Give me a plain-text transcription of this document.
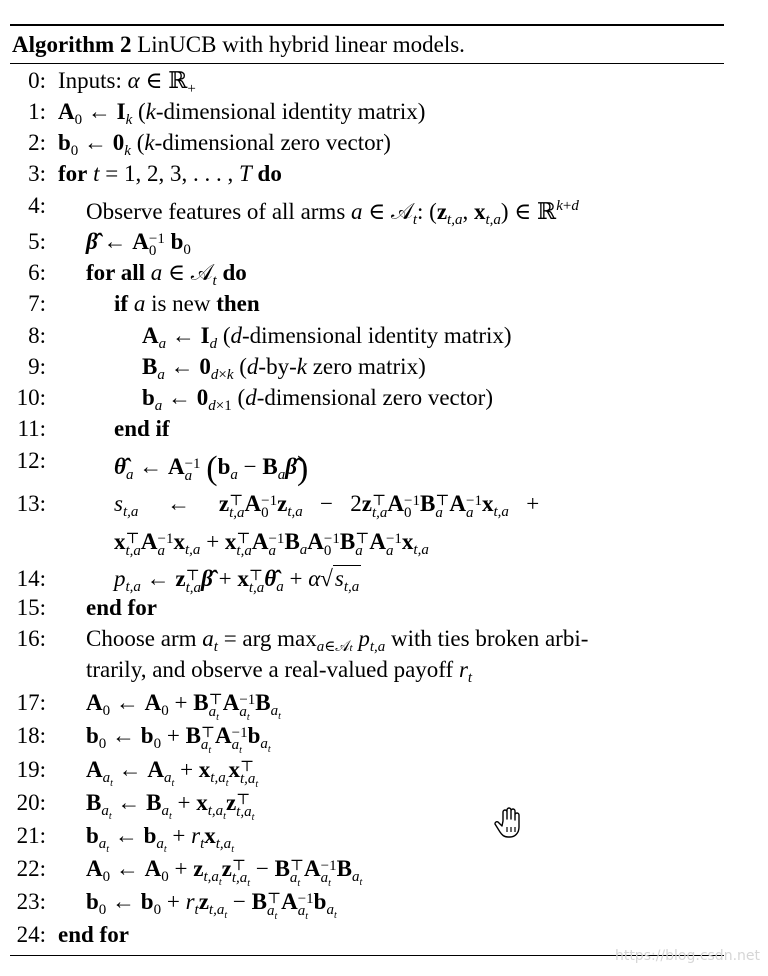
Algorithm 2 LinUCB with hybrid linear models.
0:
1:
2:
3:
4:
5:
6:
7:
8:
9:
10:
11:
12:
13:
14:
15:
16:
17:
18:
19:
20:
21:
22:
23:
24:
Inputs: α ∈ ℝ$_+$
$A_0$ ← $I_k$ (k-dimensional identity matrix)
$b_0$ ← $0_k$ (k-dimensional zero vector)
for t = 1, 2, 3, . . . , T do
Observe features of all arms a ∈ 𝒜$_t$: ($z_{t,a}$, $x_{t,a}$) ∈ ℝ$^{k+d}$
β̂ ← A −1
0 $b_0$
for all a ∈ 𝒜$_t$ do
if a is new then
$A_a$ ← $I_d$ (d-dimensional identity matrix)
$B_a$ ← $0_{d\times k}$ (d-by-k zero matrix)
$b_a$ ← $0_{d\times 1}$ (d-dimensional zero vector)
end if
$\thetâ_a$ ← A −1
a ($b_a$ − $B_a\betâ$)
$s_{t,a}$     ←     z ⊤
t,a A −1
0 $z_{t,a} - 2z$ ⊤
t,a A −1
0 B ⊤
a A −1
a $x_{t,a}$   +
x ⊤
t,a A −1
a $x_{t,a} + x$ ⊤
t,a A −1
a $B_aA -1$
0 B ⊤
a A −1
a $x_{t,a}$
$p_{t,a}$ ← z ⊤
t,a β̂ + x ⊤
t,a $\thetâ_a + \alpha√s_{t,a}$
end for
Choose arm $a_t$ = arg $\max_{a\in 𝒜t} p_{t,a}$ with ties broken arbi-
trarily, and observe a real-valued payoff $r_t$
$A_0$ ← $A_0 + B$ ⊤
$a_t$
A −1
$a_t$
$B_{a_t}$
$b_0$ ← $b_0 + B$ ⊤
$a_t$
A −1
$a_t$
$b_{a_t}$
$A_{a_t}$ ← $A_{a_t} + x_{t,a_t}x$ ⊤
$t,a_t$
$B_{a_t}$ ← $B_{a_t} + x_{t,a_t}z$ ⊤
$t,a_t$
$b_{a_t}$ ← $b_{a_t} + r_tx_{t,a_t}$
$A_0$ ← $A_0 + z_{t,a_t}z$ ⊤
$t,a_t$
− B ⊤
$a_t$
A −1
$a_t$
$B_{a_t}$
$b_0$ ← $b_0 + r_tz_{t,a_t} - B$ ⊤
$a_t$
A −1
$a_t$
$b_{a_t}$
end for
https://blog.csdn.net
